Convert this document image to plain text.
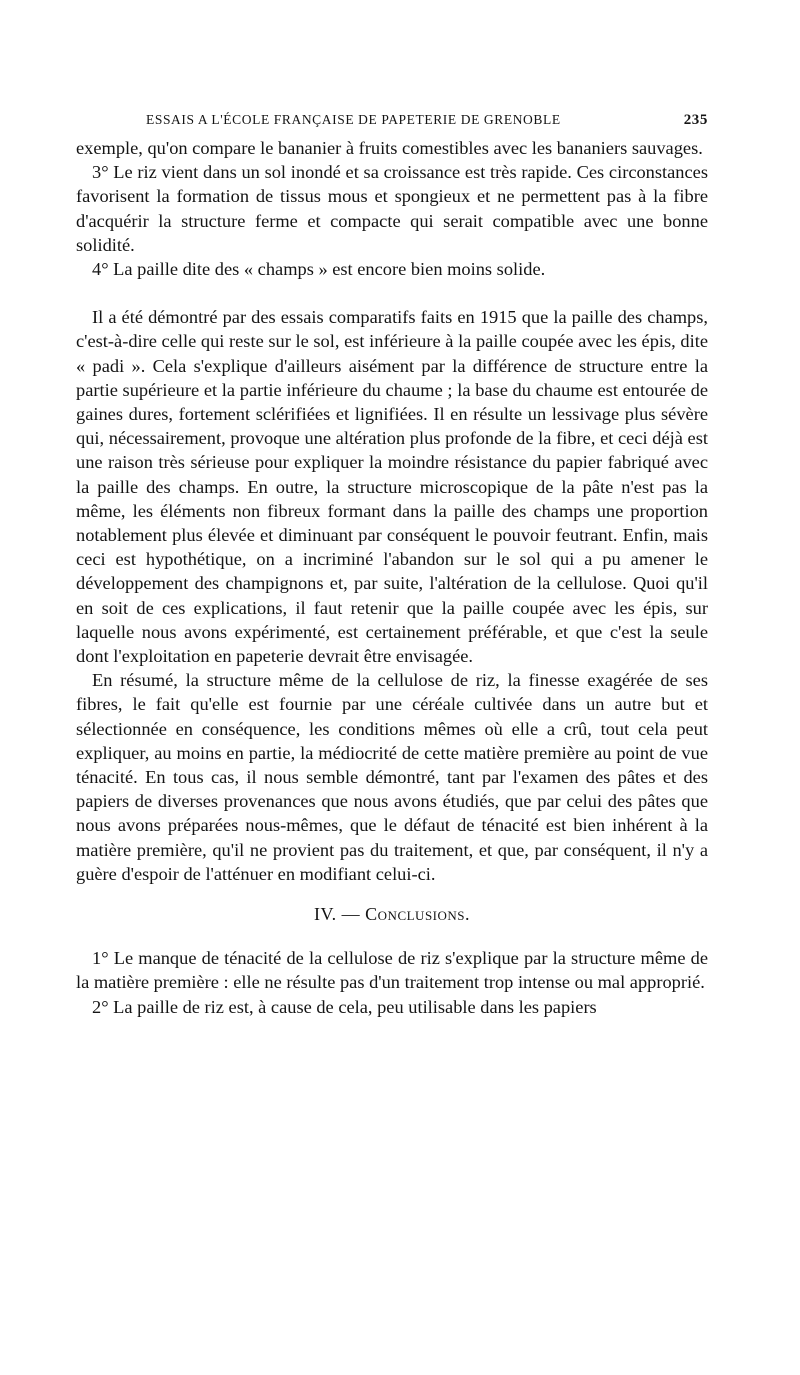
ESSAIS A L'ÉCOLE FRANÇAISE DE PAPETERIE DE GRENOBLE	235

exemple, qu'on compare le bananier à fruits comestibles avec les bananiers sauvages.

3° Le riz vient dans un sol inondé et sa croissance est très rapide. Ces circonstances favorisent la formation de tissus mous et spongieux et ne permettent pas à la fibre d'acquérir la structure ferme et compacte qui serait compatible avec une bonne solidité.

4° La paille dite des « champs » est encore bien moins solide.

Il a été démontré par des essais comparatifs faits en 1915 que la paille des champs, c'est-à-dire celle qui reste sur le sol, est inférieure à la paille coupée avec les épis, dite « padi ». Cela s'explique d'ailleurs aisément par la différence de structure entre la partie supérieure et la partie inférieure du chaume ; la base du chaume est entourée de gaines dures, fortement sclérifiées et lignifiées. Il en résulte un lessivage plus sévère qui, nécessairement, provoque une altération plus profonde de la fibre, et ceci déjà est une raison très sérieuse pour expliquer la moindre résistance du papier fabriqué avec la paille des champs. En outre, la structure microscopique de la pâte n'est pas la même, les éléments non fibreux formant dans la paille des champs une proportion notablement plus élevée et diminuant par conséquent le pouvoir feutrant. Enfin, mais ceci est hypothétique, on a incriminé l'abandon sur le sol qui a pu amener le développement des champignons et, par suite, l'altération de la cellulose. Quoi qu'il en soit de ces explications, il faut retenir que la paille coupée avec les épis, sur laquelle nous avons expérimenté, est certainement préférable, et que c'est la seule dont l'exploitation en papeterie devrait être envisagée.

En résumé, la structure même de la cellulose de riz, la finesse exagérée de ses fibres, le fait qu'elle est fournie par une céréale cultivée dans un autre but et sélectionnée en conséquence, les conditions mêmes où elle a crû, tout cela peut expliquer, au moins en partie, la médiocrité de cette matière première au point de vue ténacité. En tous cas, il nous semble démontré, tant par l'examen des pâtes et des papiers de diverses provenances que nous avons étudiés, que par celui des pâtes que nous avons préparées nous-mêmes, que le défaut de ténacité est bien inhérent à la matière première, qu'il ne provient pas du traitement, et que, par conséquent, il n'y a guère d'espoir de l'atténuer en modifiant celui-ci.

IV. — Conclusions.

1° Le manque de ténacité de la cellulose de riz s'explique par la structure même de la matière première : elle ne résulte pas d'un traitement trop intense ou mal approprié.

2° La paille de riz est, à cause de cela, peu utilisable dans les papiers
